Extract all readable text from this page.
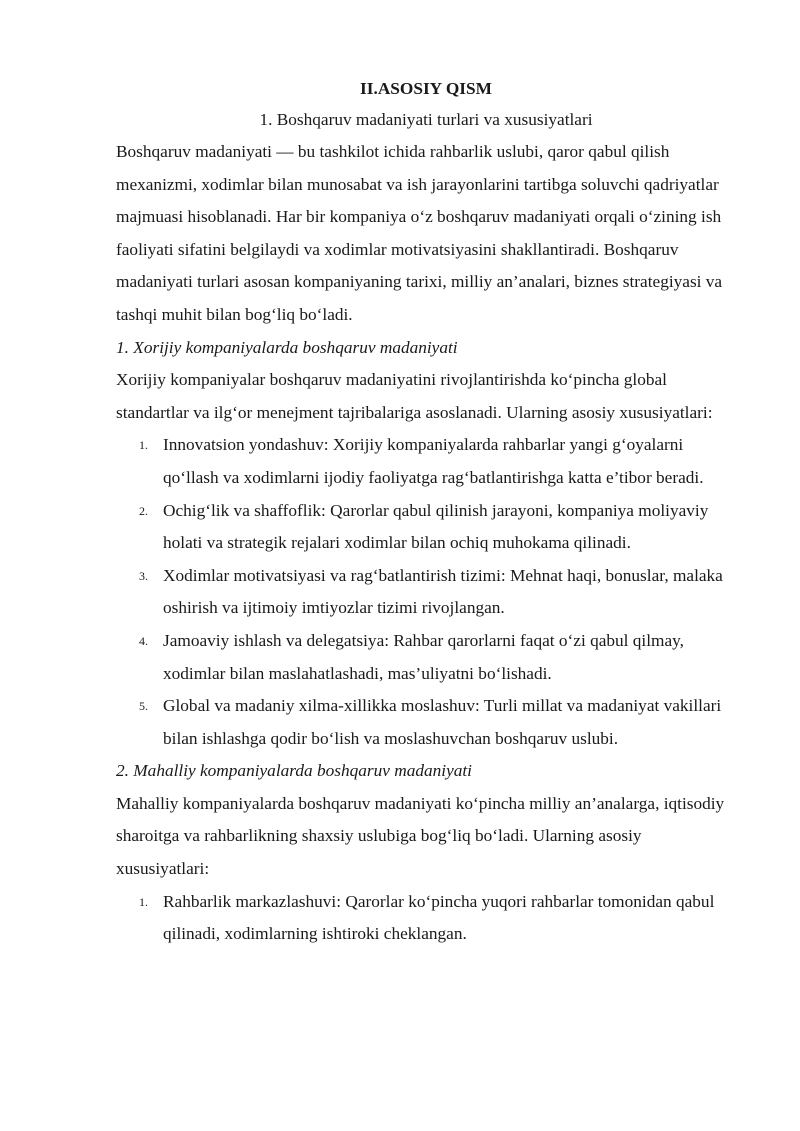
II.ASOSIY QISM

1. Boshqaruv madaniyati turlari va xususiyatlari

Boshqaruv madaniyati — bu tashkilot ichida rahbarlik uslubi, qaror qabul qilish mexanizmi, xodimlar bilan munosabat va ish jarayonlarini tartibga soluvchi qadriyatlar majmuasi hisoblanadi. Har bir kompaniya o‘z boshqaruv madaniyati orqali o‘zining ish faoliyati sifatini belgilaydi va xodimlar motivatsiyasini shakllantiradi. Boshqaruv madaniyati turlari asosan kompaniyaning tarixi, milliy an’analari, biznes strategiyasi va tashqi muhit bilan bog‘liq bo‘ladi.

1. Xorijiy kompaniyalarda boshqaruv madaniyati

Xorijiy kompaniyalar boshqaruv madaniyatini rivojlantirishda ko‘pincha global standartlar va ilg‘or menejment tajribalariga asoslanadi. Ularning asosiy xususiyatlari:

1. Innovatsion yondashuv: Xorijiy kompaniyalarda rahbarlar yangi g‘oyalarni qo‘llash va xodimlarni ijodiy faoliyatga rag‘batlantirishga katta e’tibor beradi.
2. Ochig‘lik va shaffoflik: Qarorlar qabul qilinish jarayoni, kompaniya moliyaviy holati va strategik rejalari xodimlar bilan ochiq muhokama qilinadi.
3. Xodimlar motivatsiyasi va rag‘batlantirish tizimi: Mehnat haqi, bonuslar, malaka oshirish va ijtimoiy imtiyozlar tizimi rivojlangan.
4. Jamoaviy ishlash va delegatsiya: Rahbar qarorlarni faqat o‘zi qabul qilmay, xodimlar bilan maslahatlashadi, mas’uliyatni bo‘lishadi.
5. Global va madaniy xilma-xillikka moslashuv: Turli millat va madaniyat vakillari bilan ishlashga qodir bo‘lish va moslashuvchan boshqaruv uslubi.

2. Mahalliy kompaniyalarda boshqaruv madaniyati

Mahalliy kompaniyalarda boshqaruv madaniyati ko‘pincha milliy an’analarga, iqtisodiy sharoitga va rahbarlikning shaxsiy uslubiga bog‘liq bo‘ladi. Ularning asosiy xususiyatlari:

1. Rahbarlik markazlashuvi: Qarorlar ko‘pincha yuqori rahbarlar tomonidan qabul qilinadi, xodimlarning ishtiroki cheklangan.
